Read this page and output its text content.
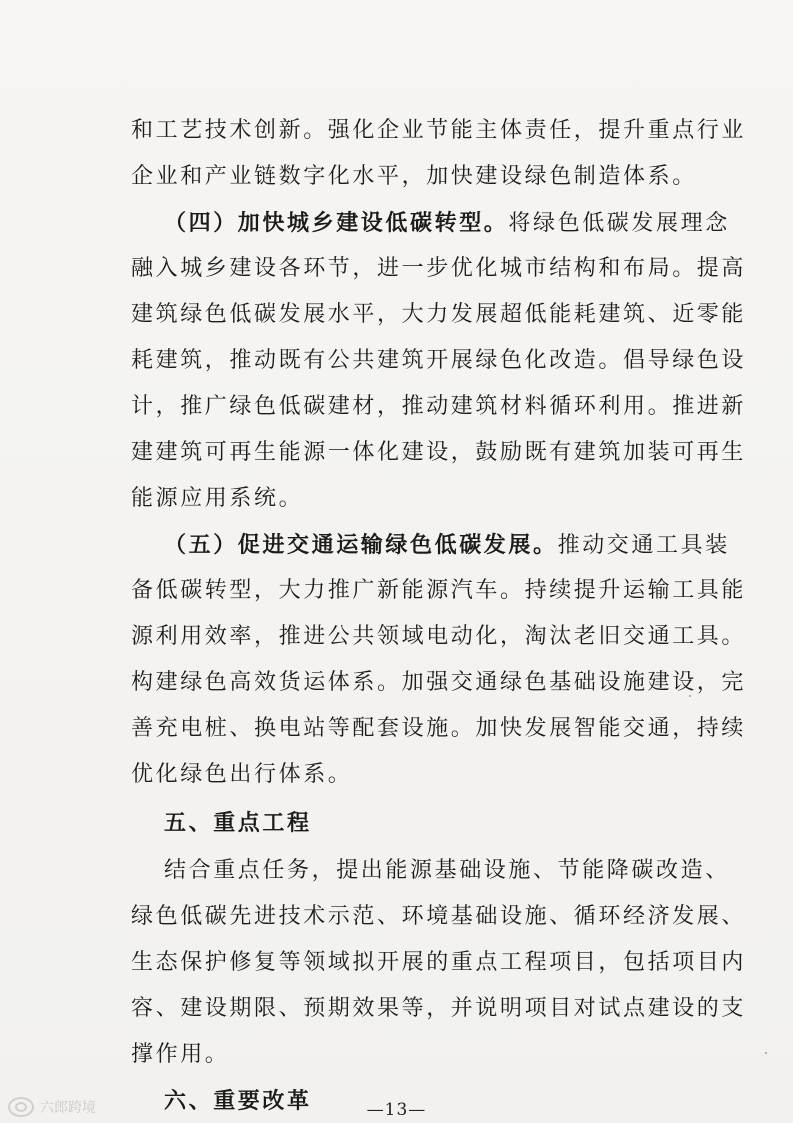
和工艺技术创新。强化企业节能主体责任，提升重点行业
企业和产业链数字化水平，加快建设绿色制造体系。
（四）加快城乡建设低碳转型。将绿色低碳发展理念
融入城乡建设各环节，进一步优化城市结构和布局。提高
建筑绿色低碳发展水平，大力发展超低能耗建筑、近零能
耗建筑，推动既有公共建筑开展绿色化改造。倡导绿色设
计，推广绿色低碳建材，推动建筑材料循环利用。推进新
建建筑可再生能源一体化建设，鼓励既有建筑加装可再生
能源应用系统。
（五）促进交通运输绿色低碳发展。推动交通工具装
备低碳转型，大力推广新能源汽车。持续提升运输工具能
源利用效率，推进公共领域电动化，淘汰老旧交通工具。
构建绿色高效货运体系。加强交通绿色基础设施建设，完
善充电桩、换电站等配套设施。加快发展智能交通，持续
优化绿色出行体系。
五、重点工程
结合重点任务，提出能源基础设施、节能降碳改造、
绿色低碳先进技术示范、环境基础设施、循环经济发展、
生态保护修复等领域拟开展的重点工程项目，包括项目内
容、建设期限、预期效果等，并说明项目对试点建设的支
撑作用。
六、重要改革	—13—
六郎跨境
